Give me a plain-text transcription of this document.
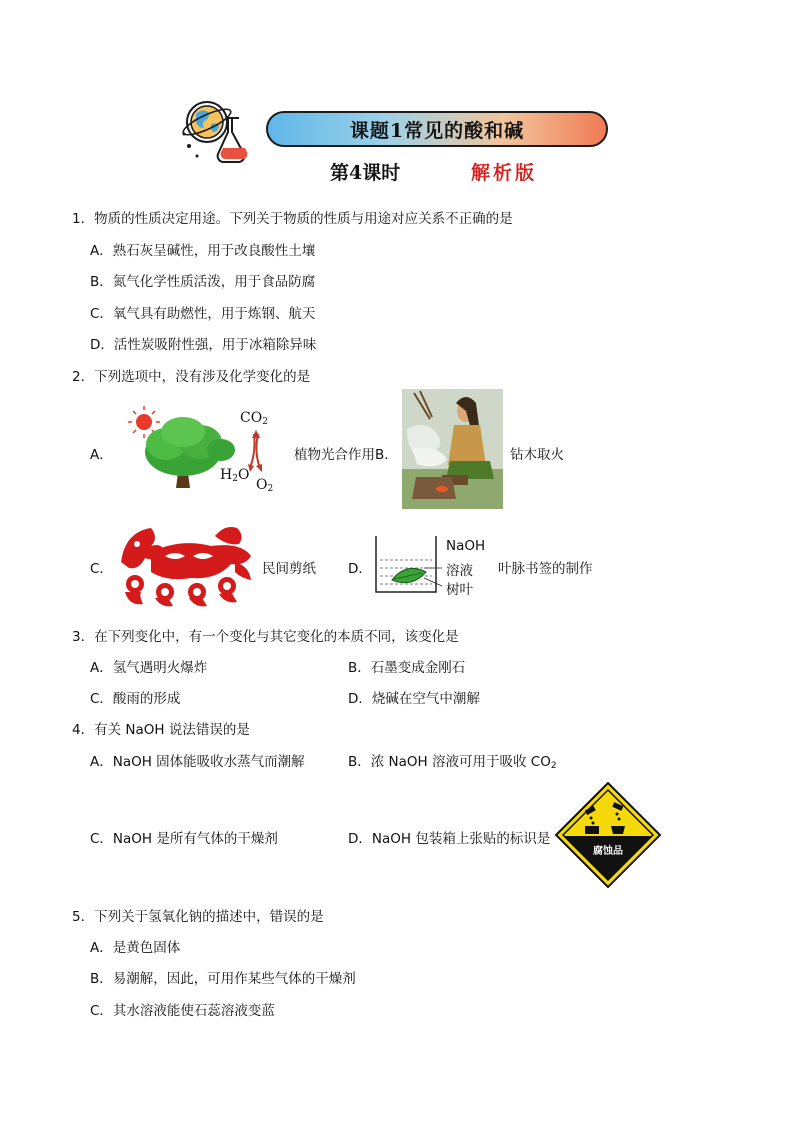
课题1常见的酸和碱
第4课时	解析版
1．物质的性质决定用途。下列关于物质的性质与用途对应关系不正确的是
A．熟石灰呈碱性，用于改良酸性土壤
B．氮气化学性质活泼，用于食品防腐
C．氧气具有助燃性，用于炼钢、航天
D．活性炭吸附性强，用于冰箱除异味
2．下列选项中，没有涉及化学变化的是
A．
$CO_2$
$H_2O$
$O_2$
植物光合作用B．	钻木取火
C．	民间剪纸 D．
NaOH
溶液
树叶
叶脉书签的制作
3．在下列变化中，有一个变化与其它变化的本质不同，该变化是
A．氢气遇明火爆炸	B．石墨变成金刚石
C．酸雨的形成	D．烧碱在空气中潮解
4．有关 NaOH 说法错误的是
A．NaOH 固体能吸收水蒸气而潮解	B．浓 NaOH 溶液可用于吸收 $CO_2$
C．NaOH 是所有气体的干燥剂	D．NaOH 包装箱上张贴的标识是
腐蚀品
5．下列关于氢氧化钠的描述中，错误的是
A．是黄色固体
B．易潮解，因此，可用作某些气体的干燥剂
C．其水溶液能使石蕊溶液变蓝
